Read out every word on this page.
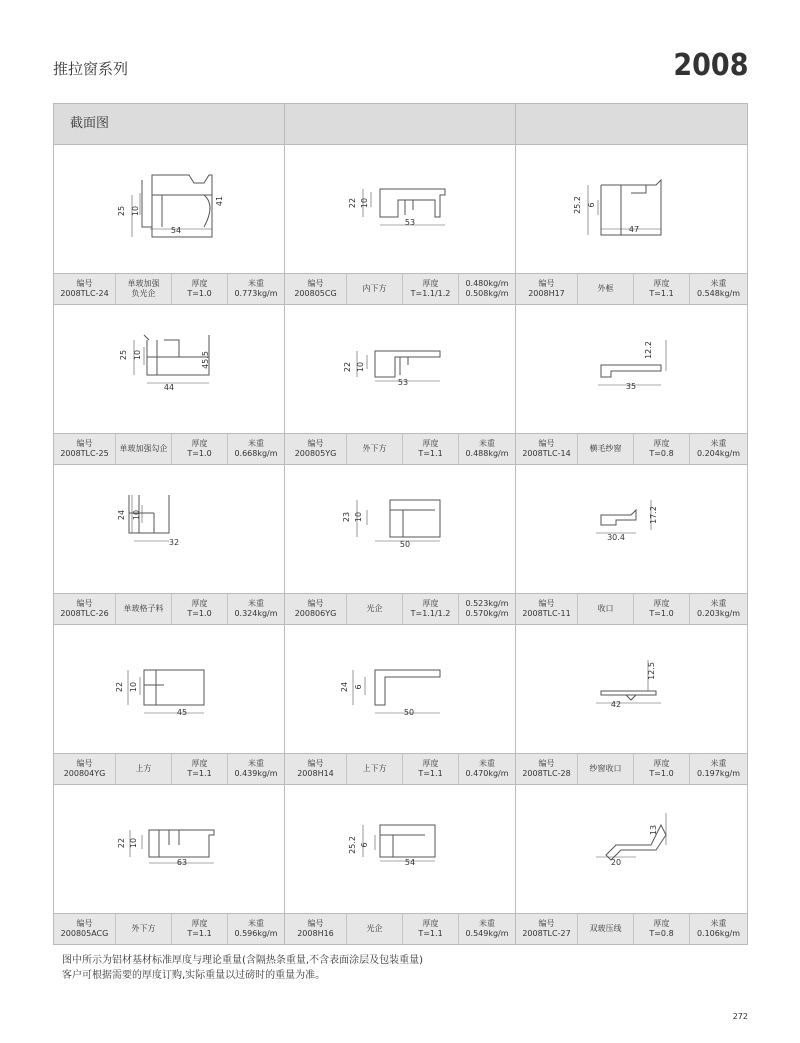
推拉窗系列	2008
截面图
25 10
41
54
编号
2008TLC-24
单玻加强
负光企
厚度
T=1.0
米重
0.773kg/m
22 10
53
编号
200805CG
内下方
厚度
T=1.1/1.2
0.480kg/m
0.508kg/m
25.2 6
47
编号
2008H17
外框
厚度
T=1.1
米重
0.548kg/m
25 10	45.5
44
编号
2008TLC-25
单玻加强勾企
厚度
T=1.0
米重
0.668kg/m
22 10
53
编号
200805YG
外下方
厚度
T=1.1
米重
0.488kg/m
12.2
35
编号
2008TLC-14
横毛纱窗
厚度
T=0.8
米重
0.204kg/m
24 10
32
编号
2008TLC-26
单玻格子料
厚度
T=1.0
米重
0.324kg/m
23 10
50
编号
200806YG
光企
厚度
T=1.1/1.2
0.523kg/m
0.570kg/m
17.2
30.4
编号
2008TLC-11
收口
厚度
T=1.0
米重
0.203kg/m
22 10
45
编号
200804YG
上方
厚度
T=1.1
米重
0.439kg/m
24 6
50
编号
2008H14
上下方
厚度
T=1.1
米重
0.470kg/m
12.5
42
编号
2008TLC-28
纱窗收口
厚度
T=1.0
米重
0.197kg/m
22 10
63
编号
200805ACG
外下方
厚度
T=1.1
米重
0.596kg/m
25.2 6
54
编号
2008H16
光企
厚度
T=1.1
米重
0.549kg/m
13
20
编号
2008TLC-27
双玻压线
厚度
T=0.8
米重
0.106kg/m
图中所示为铝材基材标准厚度与理论重量(含隔热条重量,不含表面涂层及包装重量)
客户可根据需要的厚度订购,实际重量以过磅时的重量为准。
272
